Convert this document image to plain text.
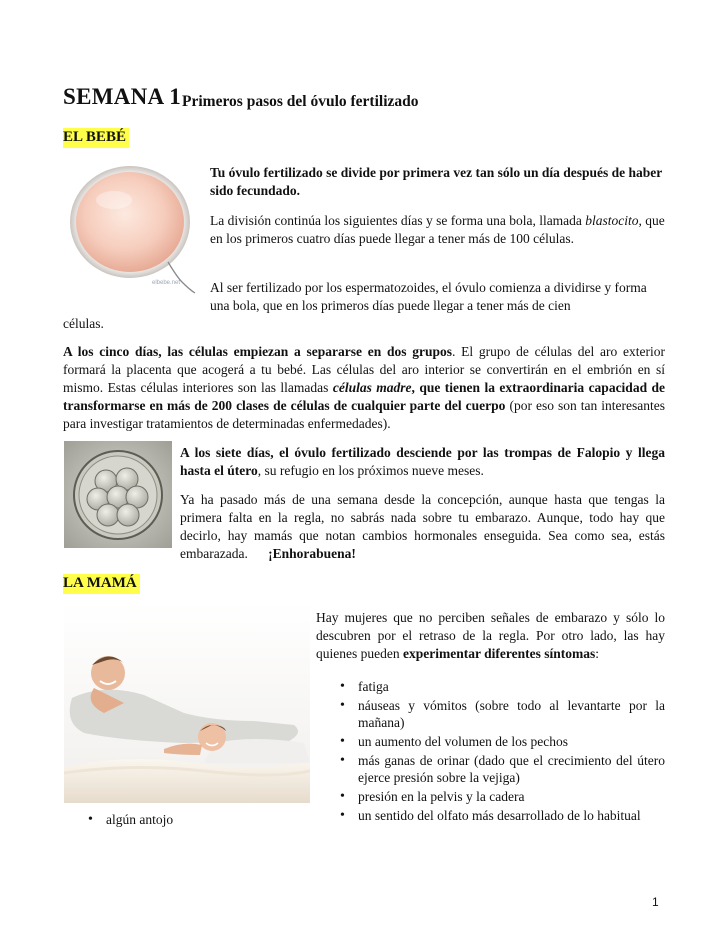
SEMANA 1 Primeros pasos del óvulo fertilizado
EL BEBÉ
elbebe.net
Tu óvulo fertilizado se divide por primera vez tan sólo un día después de haber sido fecundado.
La división continúa los siguientes días y se forma una bola, llamada blastocito, que en los primeros cuatro días puede llegar a tener más de 100 células.
Al ser fertilizado por los espermatozoides, el óvulo comienza a dividirse y forma una bola, que en los primeros días puede llegar a tener más de cien
células.
A los cinco días, las células empiezan a separarse en dos grupos. El grupo de células del aro exterior formará la placenta que acogerá a tu bebé. Las células del aro interior se convertirán en el embrión en sí mismo. Estas células interiores son las llamadas células madre, que tienen la extraordinaria capacidad de transformarse en más de 200 clases de células de cualquier parte del cuerpo (por eso son tan interesantes para investigar tratamientos de determinadas enfermedades).
A los siete días, el óvulo fertilizado desciende por las trompas de Falopio y llega hasta el útero, su refugio en los próximos nueve meses.
Ya ha pasado más de una semana desde la concepción, aunque hasta que tengas la primera falta en la regla, no sabrás nada sobre tu embarazo. Aunque, todo hay que decirlo, hay mamás que notan cambios hormonales enseguida. Sea como sea, estás embarazada. ¡Enhorabuena!
LA MAMÁ
Hay mujeres que no perciben señales de embarazo y sólo lo descubren por el retraso de la regla. Por otro lado, las hay quienes pueden experimentar diferentes síntomas:
• fatiga
• náuseas y vómitos (sobre todo al levantarte por la mañana)
• un aumento del volumen de los pechos
• más ganas de orinar (dado que el crecimiento del útero ejerce presión sobre la vejiga)
• presión en la pelvis y la cadera
• un sentido del olfato más desarrollado de lo habitual
• algún antojo
1
